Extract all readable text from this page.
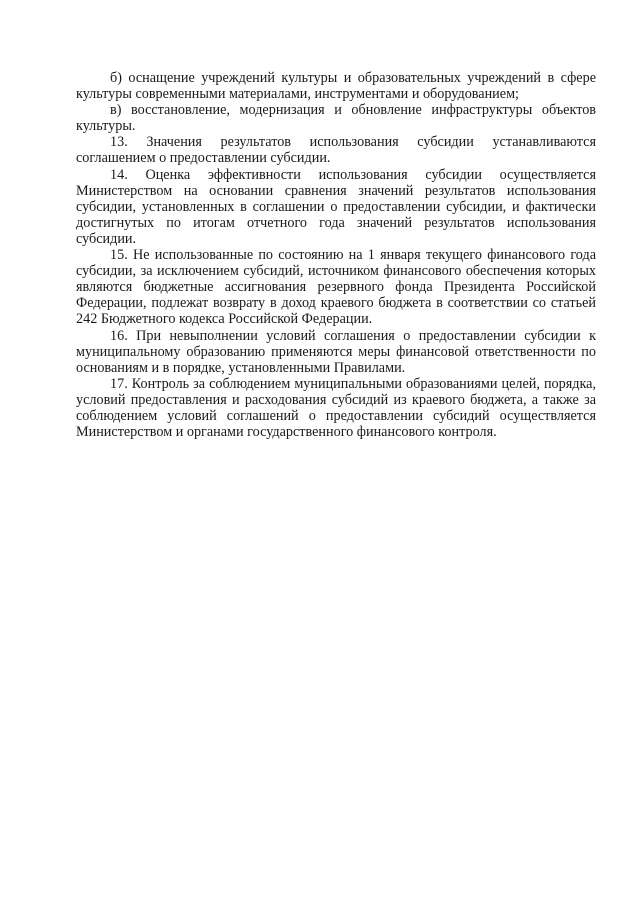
б) оснащение учреждений культуры и образовательных учреждений в сфере культуры современными материалами, инструментами и оборудованием;

в) восстановление, модернизация и обновление инфраструктуры объектов культуры.

13. Значения результатов использования субсидии устанавливаются соглашением о предоставлении субсидии.

14. Оценка эффективности использования субсидии осуществляется Министерством на основании сравнения значений результатов использования субсидии, установленных в соглашении о предоставлении субсидии, и фактически достигнутых по итогам отчетного года значений результатов использования субсидии.

15. Не использованные по состоянию на 1 января текущего финансового года субсидии, за исключением субсидий, источником финансового обеспечения которых являются бюджетные ассигнования резервного фонда Президента Российской Федерации, подлежат возврату в доход краевого бюджета в соответствии со статьей 242 Бюджетного кодекса Российской Федерации.

16. При невыполнении условий соглашения о предоставлении субсидии к муниципальному образованию применяются меры финансовой ответственности по основаниям и в порядке, установленными Правилами.

17. Контроль за соблюдением муниципальными образованиями целей, порядка, условий предоставления и расходования субсидий из краевого бюджета, а также за соблюдением условий соглашений о предоставлении субсидий осуществляется Министерством и органами государственного финансового контроля.
